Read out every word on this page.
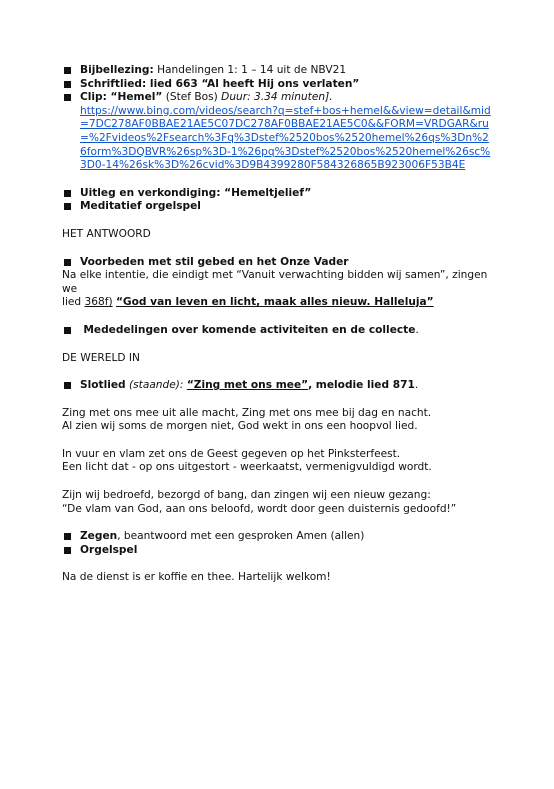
Bijbellezing: Handelingen 1: 1 – 14 uit de NBV21
Schriftlied: lied 663 “Al heeft Hij ons verlaten”
Clip: “Hemel” (Stef Bos) Duur: 3.34 minuten].
https://www.bing.com/videos/search?q=stef+bos+hemel&&view=detail&mid=7DC278AF0BBAE21AE5C07DC278AF0BBAE21AE5C0&&FORM=VRDGAR&ru=%2Fvideos%2Fsearch%3Fq%3Dstef%2520bos%2520hemel%26qs%3Dn%26form%3DQBVR%26sp%3D-1%26pq%3Dstef%2520bos%2520hemel%26sc%3D0-14%26sk%3D%26cvid%3D9B4399280F584326865B923006F53B4E
Uitleg en verkondiging: “Hemeltjelief”
Meditatief orgelspel
HET ANTWOORD
Voorbeden met stil gebed en het Onze Vader
Na elke intentie, die eindigt met “Vanuit verwachting bidden wij samen”, zingen we
lied 368f) “God van leven en licht, maak alles nieuw. Halleluja”
Mededelingen over komende activiteiten en de collecte.
DE WERELD IN
Slotlied (staande): “Zing met ons mee”, melodie lied 871.
Zing met ons mee uit alle macht, Zing met ons mee bij dag en nacht.
Al zien wij soms de morgen niet, God wekt in ons een hoopvol lied.
In vuur en vlam zet ons de Geest gegeven op het Pinksterfeest.
Een licht dat - op ons uitgestort - weerkaatst, vermenigvuldigd wordt.
Zijn wij bedroefd, bezorgd of bang, dan zingen wij een nieuw gezang:
“De vlam van God, aan ons beloofd, wordt door geen duisternis gedoofd!”
Zegen, beantwoord met een gesproken Amen (allen)
Orgelspel
Na de dienst is er koffie en thee. Hartelijk welkom!
